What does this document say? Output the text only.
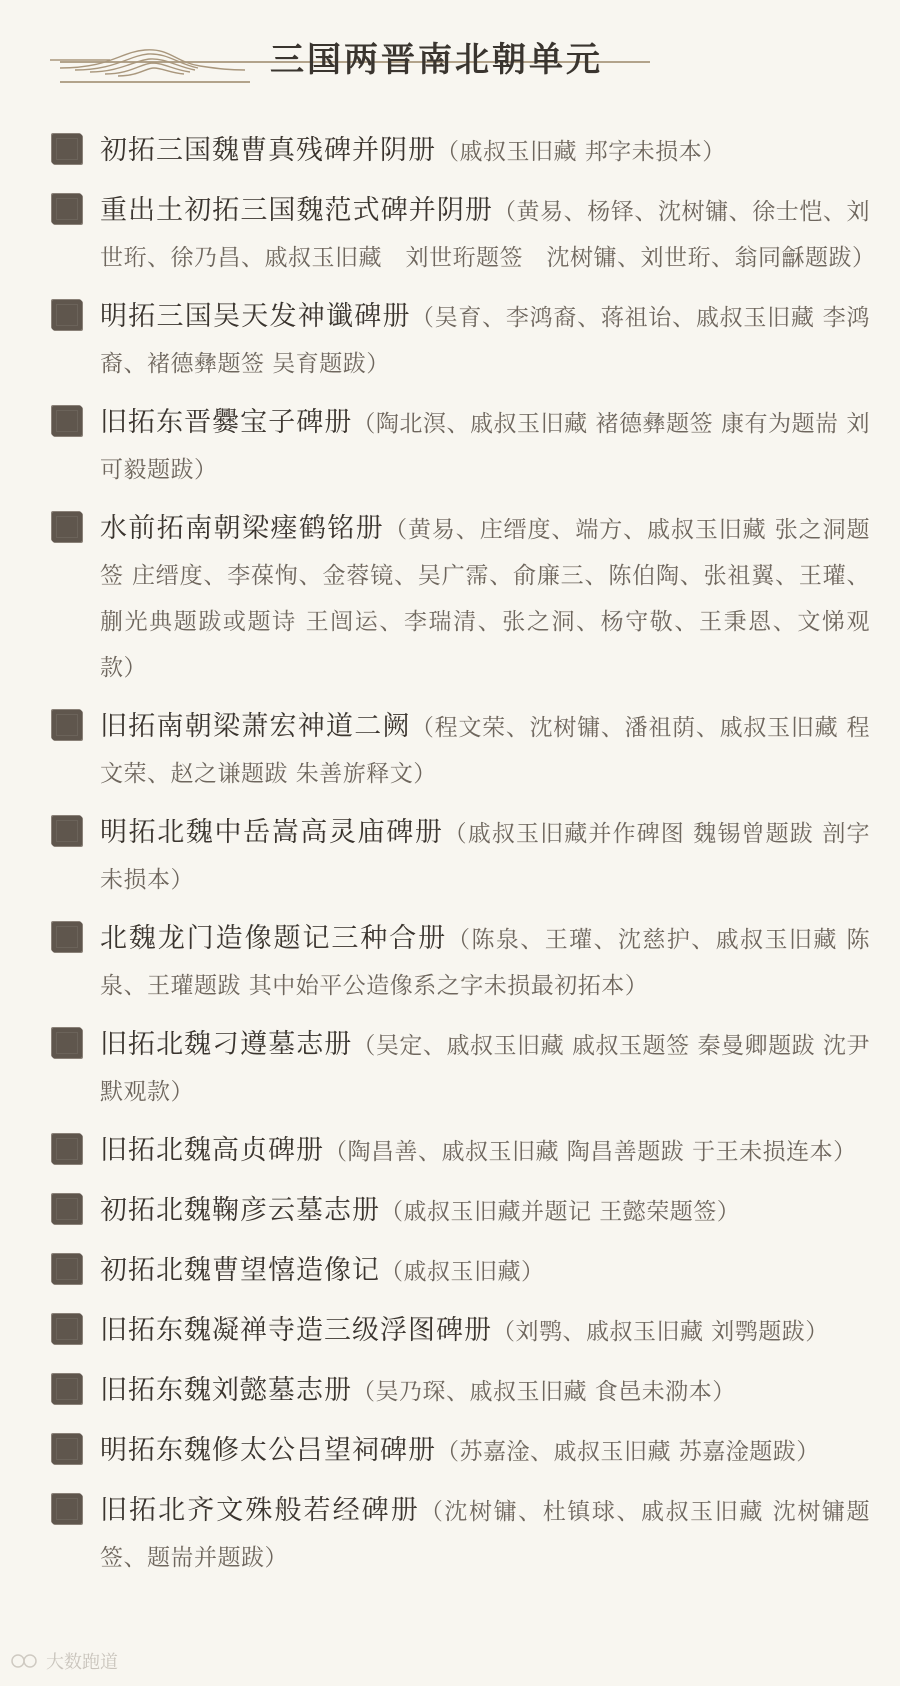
三国两晋南北朝单元
初拓三国魏曹真残碑并阴册（戚叔玉旧藏 邦字未损本）
重出土初拓三国魏范式碑并阴册（黄易、杨铎、沈树镛、徐士恺、刘世珩、徐乃昌、戚叔玉旧藏　刘世珩题签　沈树镛、刘世珩、翁同龢题跋）
明拓三国吴天发神谶碑册（吴育、李鸿裔、蒋祖诒、戚叔玉旧藏 李鸿裔、褚德彝题签 吴育题跋）
旧拓东晋爨宝子碑册（陶北溟、戚叔玉旧藏 褚德彝题签 康有为题耑 刘可毅题跋）
水前拓南朝梁瘗鹤铭册（黄易、庄缙度、端方、戚叔玉旧藏 张之洞题签 庄缙度、李葆恂、金蓉镜、吴广霈、俞廉三、陈伯陶、张祖翼、王瓘、蒯光典题跋或题诗 王闿运、李瑞清、张之洞、杨守敬、王秉恩、文悌观款）
旧拓南朝梁萧宏神道二阙（程文荣、沈树镛、潘祖荫、戚叔玉旧藏 程文荣、赵之谦题跋 朱善旂释文）
明拓北魏中岳嵩高灵庙碑册（戚叔玉旧藏并作碑图 魏锡曾题跋 剖字未损本）
北魏龙门造像题记三种合册（陈泉、王瓘、沈慈护、戚叔玉旧藏 陈泉、王瓘题跋 其中始平公造像系之字未损最初拓本）
旧拓北魏刁遵墓志册（吴定、戚叔玉旧藏 戚叔玉题签 秦曼卿题跋 沈尹默观款）
旧拓北魏高贞碑册（陶昌善、戚叔玉旧藏 陶昌善题跋 于王未损连本）
初拓北魏鞠彦云墓志册（戚叔玉旧藏并题记 王懿荣题签）
初拓北魏曹望憘造像记（戚叔玉旧藏）
旧拓东魏凝禅寺造三级浮图碑册（刘鹗、戚叔玉旧藏 刘鹗题跋）
旧拓东魏刘懿墓志册（吴乃琛、戚叔玉旧藏 食邑未泐本）
明拓东魏修太公吕望祠碑册（苏嘉淦、戚叔玉旧藏 苏嘉淦题跋）
旧拓北齐文殊般若经碑册（沈树镛、杜镇球、戚叔玉旧藏 沈树镛题签、题耑并题跋）
大数跑道
